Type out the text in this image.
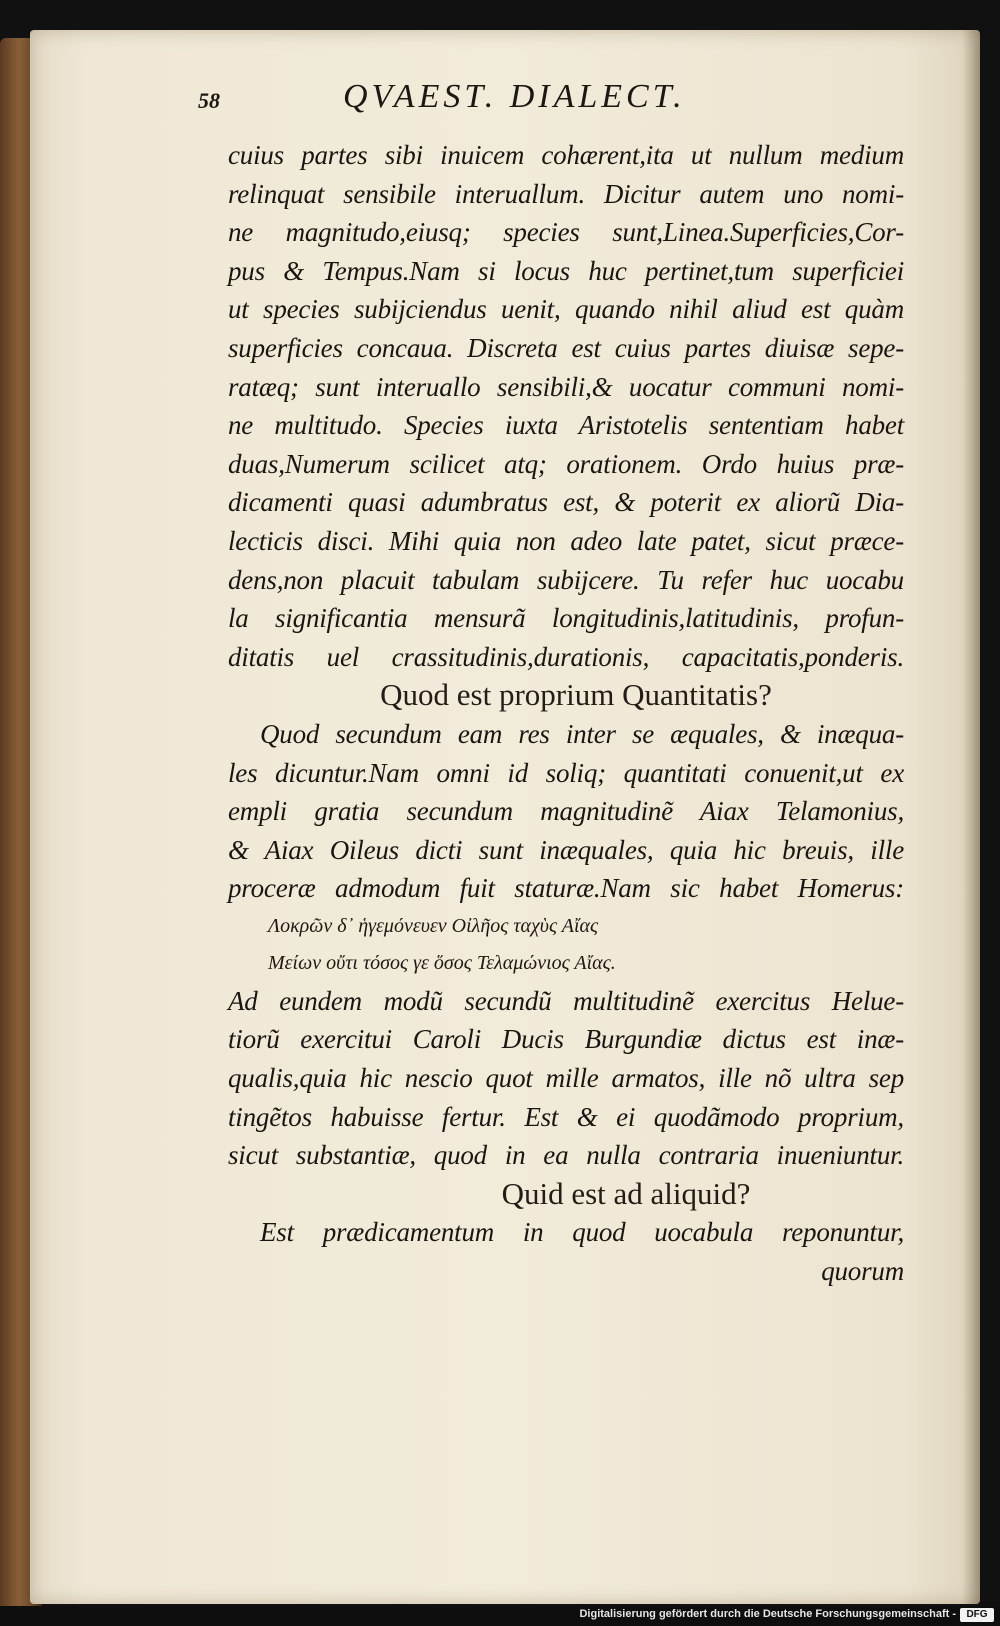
58	QVAEST. DIALECT.
cuius partes sibi inuicem cohærent,ita ut nullum medium
relinquat sensibile interuallum. Dicitur autem uno nomi-
ne magnitudo,eiusq; species sunt,Linea.Superficies,Cor-
pus & Tempus.Nam si locus huc pertinet,tum superficiei
ut species subijciendus uenit, quando nihil aliud est quàm
superficies concaua. Discreta est cuius partes diuisæ sepe-
ratæq; sunt interuallo sensibili,& uocatur communi nomi-
ne multitudo. Species iuxta Aristotelis sententiam habet
duas,Numerum scilicet atq; orationem. Ordo huius præ-
dicamenti quasi adumbratus est, & poterit ex aliorũ Dia-
lecticis disci. Mihi quia non adeo late patet, sicut præce-
dens,non placuit tabulam subijcere. Tu refer huc uocabu
la significantia mensurã longitudinis,latitudinis, profun-
ditatis uel crassitudinis,durationis, capacitatis,ponderis.
Quod est proprium Quantitatis?
Quod secundum eam res inter se æquales, & inæqua-
les dicuntur.Nam omni id soliq; quantitati conuenit,ut ex
empli gratia secundum magnitudinẽ Aiax Telamonius,
& Aiax Oileus dicti sunt inæquales, quia hic breuis, ille
proceræ admodum fuit staturæ.Nam sic habet Homerus:
Λοκρῶν δ᾽ ἡγεμόνευεν Οἰλῆος ταχὺς Αἴας
Μείων οὔτι τόσος γε ὅσος Τελαμώνιος Αἴας.
Ad eundem modũ secundũ multitudinẽ exercitus Helue-
tiorũ exercitui Caroli Ducis Burgundiæ dictus est inæ-
qualis,quia hic nescio quot mille armatos, ille nõ ultra sep
tingẽtos habuisse fertur. Est & ei quodãmodo proprium,
sicut substantiæ, quod in ea nulla contraria inueniuntur.
Quid est ad aliquid?
Est prædicamentum in quod uocabula reponuntur,
quorum
Digitalisierung gefördert durch die Deutsche Forschungsgemeinschaft -	DFG
